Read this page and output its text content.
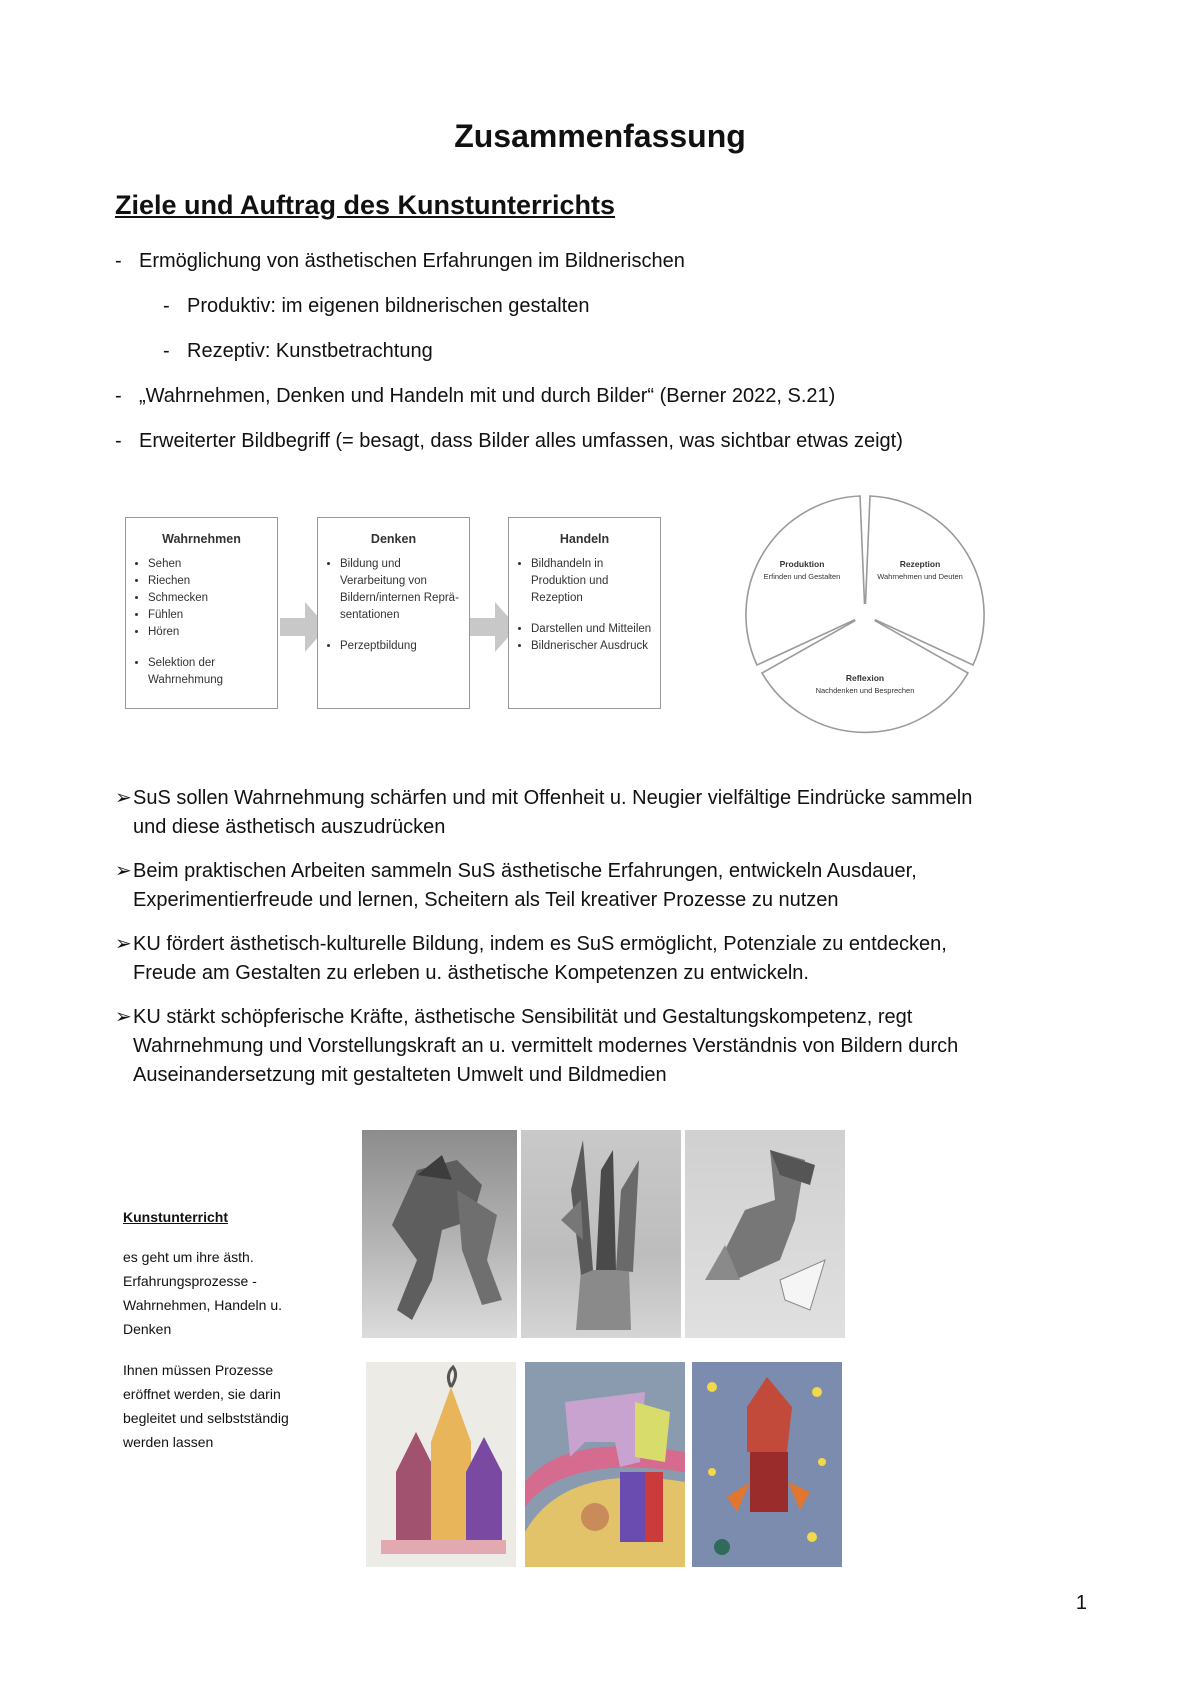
Zusammenfassung
Ziele und Auftrag des Kunstunterrichts
- Ermöglichung von ästhetischen Erfahrungen im Bildnerischen
- Produktiv: im eigenen bildnerischen gestalten
- Rezeptiv: Kunstbetrachtung
- „Wahrnehmen, Denken und Handeln mit und durch Bilder“ (Berner 2022, S.21)
- Erweiterter Bildbegriff (= besagt, dass Bilder alles umfassen, was sichtbar etwas zeigt)
Wahrnehmen
• Sehen
• Riechen
• Schmecken
• Fühlen
• Hören
• Selektion der Wahrnehmung
Denken
• Bildung und Verarbeitung von Bildern/internen Reprä-sentationen
• Perzeptbildung
Handeln
• Bildhandeln in Produktion und Rezeption
• Darstellen und Mitteilen
• Bildnerischer Ausdruck
Produktion
Erfinden und Gestalten
Rezeption
Wahrnehmen und Deuten
Reflexion
Nachdenken und Besprechen
➢SuS sollen Wahrnehmung schärfen und mit Offenheit u. Neugier vielfältige Eindrücke sammeln
und diese ästhetisch auszudrücken
➢Beim praktischen Arbeiten sammeln SuS ästhetische Erfahrungen, entwickeln Ausdauer,
Experimentierfreude und lernen, Scheitern als Teil kreativer Prozesse zu nutzen
➢KU fördert ästhetisch-kulturelle Bildung, indem es SuS ermöglicht, Potenziale zu entdecken,
Freude am Gestalten zu erleben u. ästhetische Kompetenzen zu entwickeln.
➢KU stärkt schöpferische Kräfte, ästhetische Sensibilität und Gestaltungskompetenz, regt
Wahrnehmung und Vorstellungskraft an u. vermittelt modernes Verständnis von Bildern durch
Auseinandersetzung mit gestalteten Umwelt und Bildmedien
Kunstunterricht
es geht um ihre ästh. Erfahrungsprozesse - Wahrnehmen, Handeln u. Denken
Ihnen müssen Prozesse eröffnet werden, sie darin begleitet und selbstständig werden lassen
1
